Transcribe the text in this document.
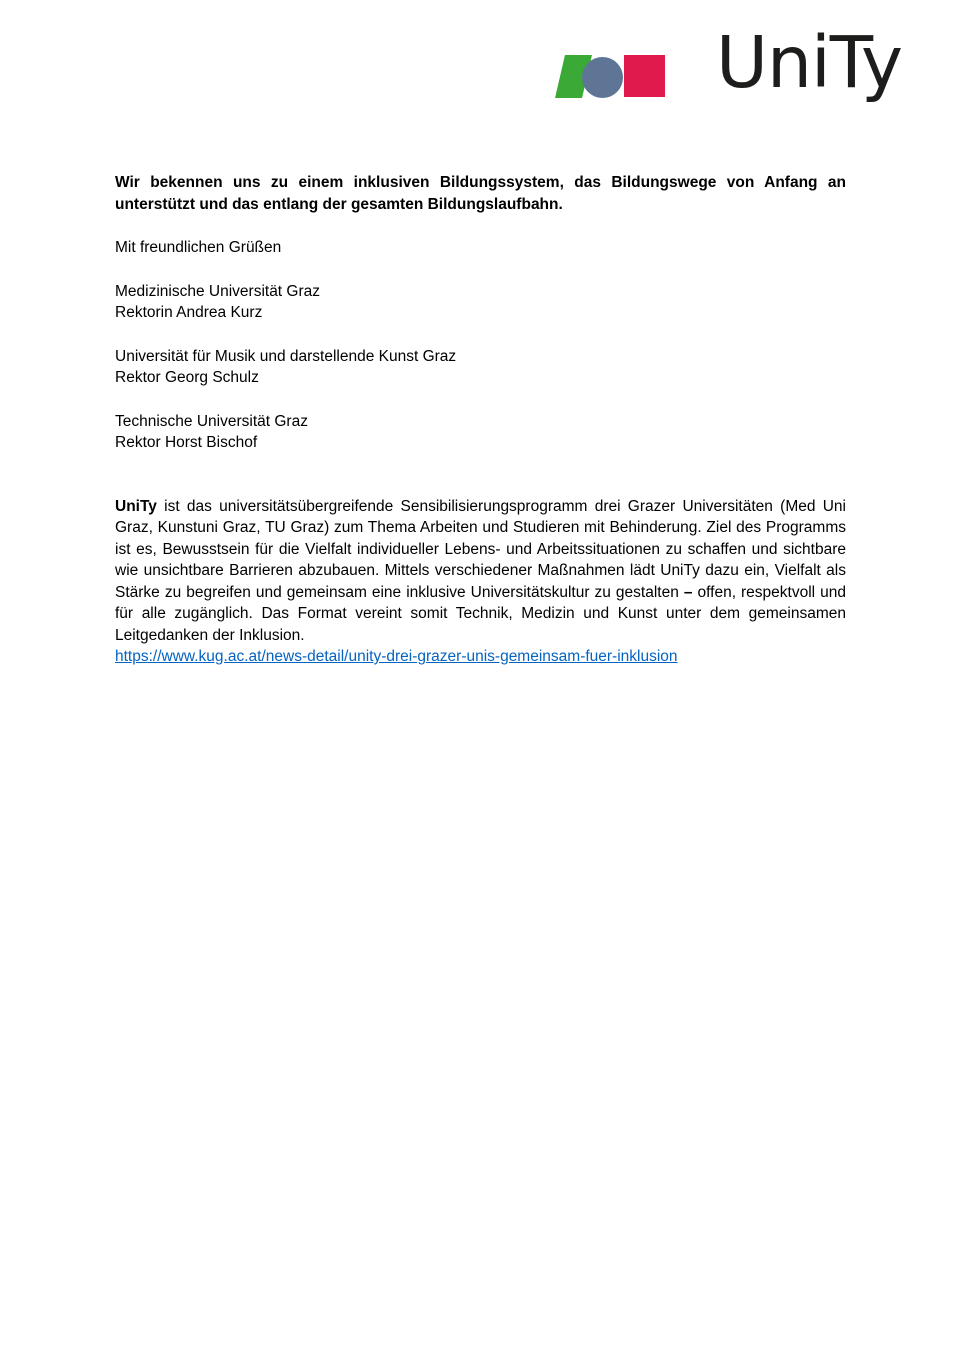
UniTy

Wir bekennen uns zu einem inklusiven Bildungssystem, das Bildungswege von Anfang an unterstützt und das entlang der gesamten Bildungslaufbahn.

Mit freundlichen Grüßen

Medizinische Universität Graz

Rektorin Andrea Kurz

Universität für Musik und darstellende Kunst Graz

Rektor Georg Schulz

Technische Universität Graz

Rektor Horst Bischof

UniTy ist das universitätsübergreifende Sensibilisierungsprogramm drei Grazer Universitäten (Med Uni Graz, Kunstuni Graz, TU Graz) zum Thema Arbeiten und Studieren mit Behinderung. Ziel des Programms ist es, Bewusstsein für die Vielfalt individueller Lebens- und Arbeitssituationen zu schaffen und sichtbare wie unsichtbare Barrieren abzubauen. Mittels verschiedener Maßnahmen lädt UniTy dazu ein, Vielfalt als Stärke zu begreifen und gemeinsam eine inklusive Universitätskultur zu gestalten – offen, respektvoll und für alle zugänglich. Das Format vereint somit Technik, Medizin und Kunst unter dem gemeinsamen Leitgedanken der Inklusion.

https://www.kug.ac.at/news-detail/unity-drei-grazer-unis-gemeinsam-fuer-inklusion
